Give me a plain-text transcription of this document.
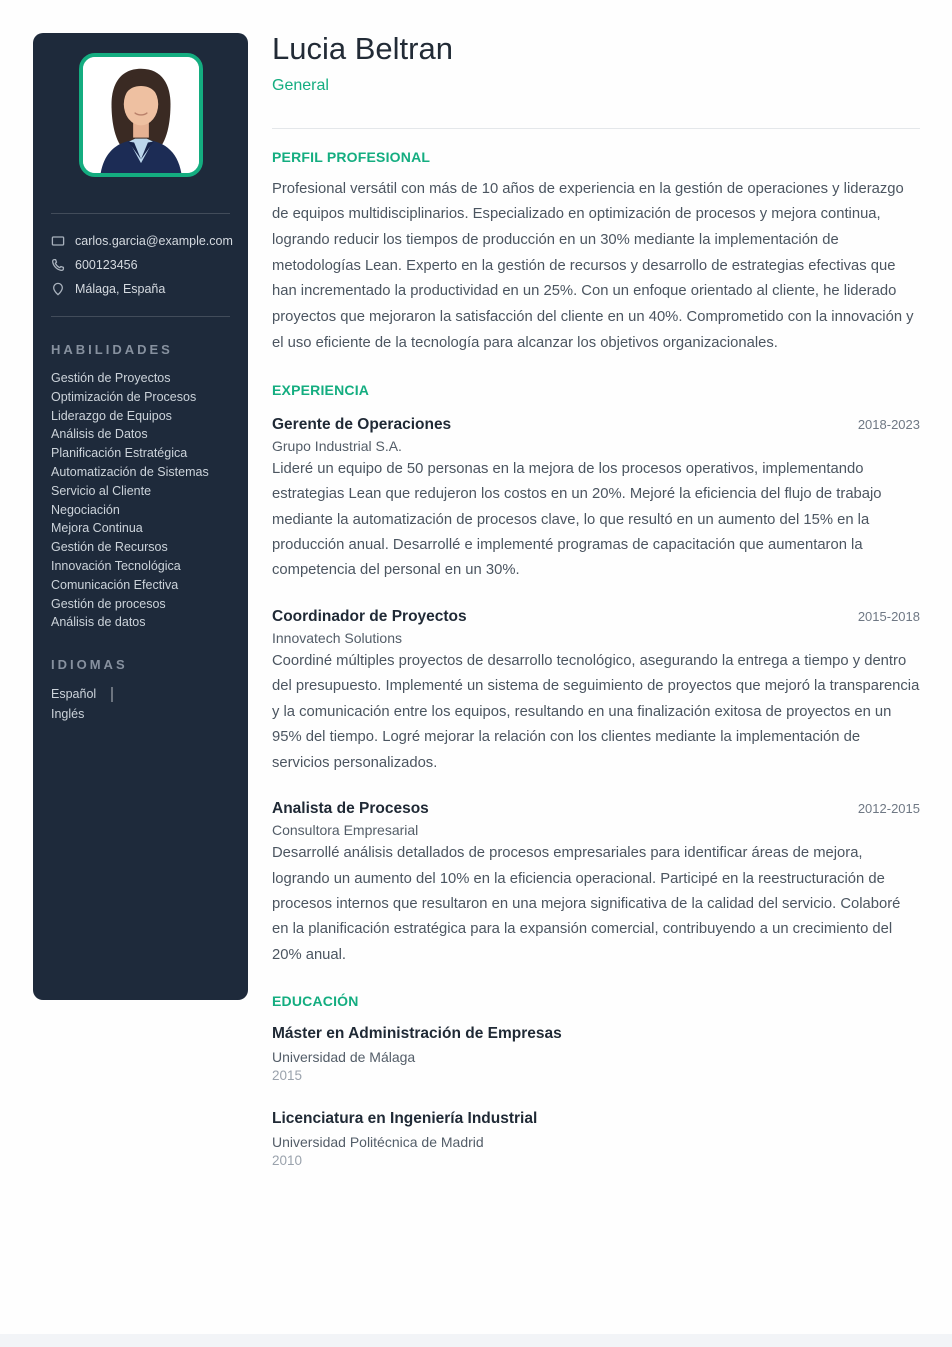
carlos.garcia@example.com
600123456
Málaga, España
HABILIDADES
Gestión de Proyectos
Optimización de Procesos
Liderazgo de Equipos
Análisis de Datos
Planificación Estratégica
Automatización de Sistemas
Servicio al Cliente
Negociación
Mejora Continua
Gestión de Recursos
Innovación Tecnológica
Comunicación Efectiva
Gestión de procesos
Análisis de datos
IDIOMAS
Español
Inglés
Lucia Beltran
General
PERFIL PROFESIONAL

Profesional versátil con más de 10 años de experiencia en la gestión de operaciones y liderazgo de equipos multidisciplinarios. Especializado en optimización de procesos y mejora continua, logrando reducir los tiempos de producción en un 30% mediante la implementación de metodologías Lean. Experto en la gestión de recursos y desarrollo de estrategias efectivas que han incrementado la productividad en un 25%. Con un enfoque orientado al cliente, he liderado proyectos que mejoraron la satisfacción del cliente en un 40%. Comprometido con la innovación y el uso eficiente de la tecnología para alcanzar los objetivos organizacionales.

EXPERIENCIA
Gerente de Operaciones	2018-2023
Grupo Industrial S.A.
Lideré un equipo de 50 personas en la mejora de los procesos operativos, implementando estrategias Lean que redujeron los costos en un 20%. Mejoré la eficiencia del flujo de trabajo mediante la automatización de procesos clave, lo que resultó en un aumento del 15% en la producción anual. Desarrollé e implementé programas de capacitación que aumentaron la competencia del personal en un 30%.
Coordinador de Proyectos	2015-2018
Innovatech Solutions
Coordiné múltiples proyectos de desarrollo tecnológico, asegurando la entrega a tiempo y dentro del presupuesto. Implementé un sistema de seguimiento de proyectos que mejoró la transparencia y la comunicación entre los equipos, resultando en una finalización exitosa de proyectos en un 95% del tiempo. Logré mejorar la relación con los clientes mediante la implementación de servicios personalizados.
Analista de Procesos	2012-2015
Consultora Empresarial
Desarrollé análisis detallados de procesos empresariales para identificar áreas de mejora, logrando un aumento del 10% en la eficiencia operacional. Participé en la reestructuración de procesos internos que resultaron en una mejora significativa de la calidad del servicio. Colaboré en la planificación estratégica para la expansión comercial, contribuyendo a un crecimiento del 20% anual.
EDUCACIÓN
Máster en Administración de Empresas
Universidad de Málaga
2015
Licenciatura en Ingeniería Industrial
Universidad Politécnica de Madrid
2010
